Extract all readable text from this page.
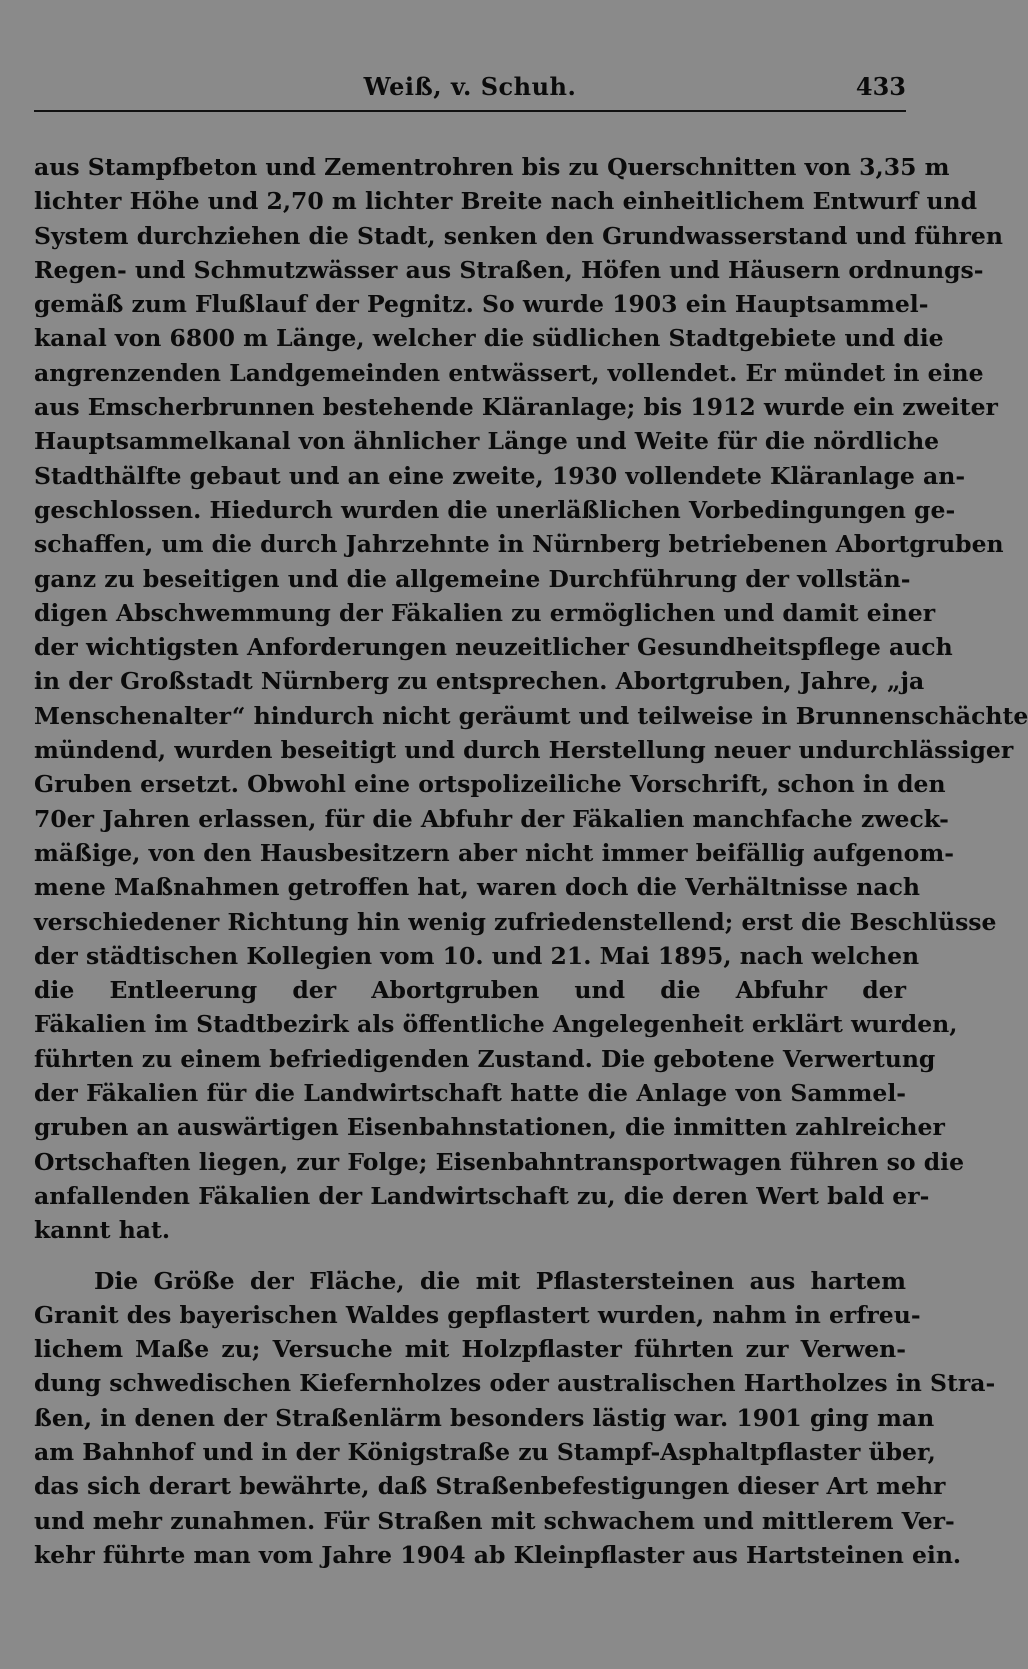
Weiß, v. Schuh.	433
aus Stampfbeton und Zementrohren bis zu Querschnitten von 3,35 m
lichter Höhe und 2,70 m lichter Breite nach einheitlichem Entwurf und
System durchziehen die Stadt, senken den Grundwasserstand und führen
Regen- und Schmutzwässer aus Straßen, Höfen und Häusern ordnungs-
gemäß zum Flußlauf der Pegnitz. So wurde 1903 ein Hauptsammel-
kanal von 6800 m Länge, welcher die südlichen Stadtgebiete und die
angrenzenden Landgemeinden entwässert, vollendet. Er mündet in eine
aus Emscherbrunnen bestehende Kläranlage; bis 1912 wurde ein zweiter
Hauptsammelkanal von ähnlicher Länge und Weite für die nördliche
Stadthälfte gebaut und an eine zweite, 1930 vollendete Kläranlage an-
geschlossen. Hiedurch wurden die unerläßlichen Vorbedingungen ge-
schaffen, um die durch Jahrzehnte in Nürnberg betriebenen Abortgruben
ganz zu beseitigen und die allgemeine Durchführung der vollstän-
digen Abschwemmung der Fäkalien zu ermöglichen und damit einer
der wichtigsten Anforderungen neuzeitlicher Gesundheitspflege auch
in der Großstadt Nürnberg zu entsprechen. Abortgruben, Jahre, „ja
Menschenalter“ hindurch nicht geräumt und teilweise in Brunnenschächte
mündend, wurden beseitigt und durch Herstellung neuer undurchlässiger
Gruben ersetzt. Obwohl eine ortspolizeiliche Vorschrift, schon in den
70er Jahren erlassen, für die Abfuhr der Fäkalien manchfache zweck-
mäßige, von den Hausbesitzern aber nicht immer beifällig aufgenom-
mene Maßnahmen getroffen hat, waren doch die Verhältnisse nach
verschiedener Richtung hin wenig zufriedenstellend; erst die Beschlüsse
der städtischen Kollegien vom 10. und 21. Mai 1895, nach welchen
die Entleerung der Abortgruben und die Abfuhr der
Fäkalien im Stadtbezirk als öffentliche Angelegenheit erklärt wurden,
führten zu einem befriedigenden Zustand. Die gebotene Verwertung
der Fäkalien für die Landwirtschaft hatte die Anlage von Sammel-
gruben an auswärtigen Eisenbahnstationen, die inmitten zahlreicher
Ortschaften liegen, zur Folge; Eisenbahntransportwagen führen so die
anfallenden Fäkalien der Landwirtschaft zu, die deren Wert bald er-
kannt hat.
Die Größe der Fläche, die mit Pflastersteinen aus hartem
Granit des bayerischen Waldes gepflastert wurden, nahm in erfreu-
lichem Maße zu; Versuche mit Holzpflaster führten zur Verwen-
dung schwedischen Kiefernholzes oder australischen Hartholzes in Stra-
ßen, in denen der Straßenlärm besonders lästig war. 1901 ging man
am Bahnhof und in der Königstraße zu Stampf-Asphaltpflaster über,
das sich derart bewährte, daß Straßenbefestigungen dieser Art mehr
und mehr zunahmen. Für Straßen mit schwachem und mittlerem Ver-
kehr führte man vom Jahre 1904 ab Kleinpflaster aus Hartsteinen ein.
